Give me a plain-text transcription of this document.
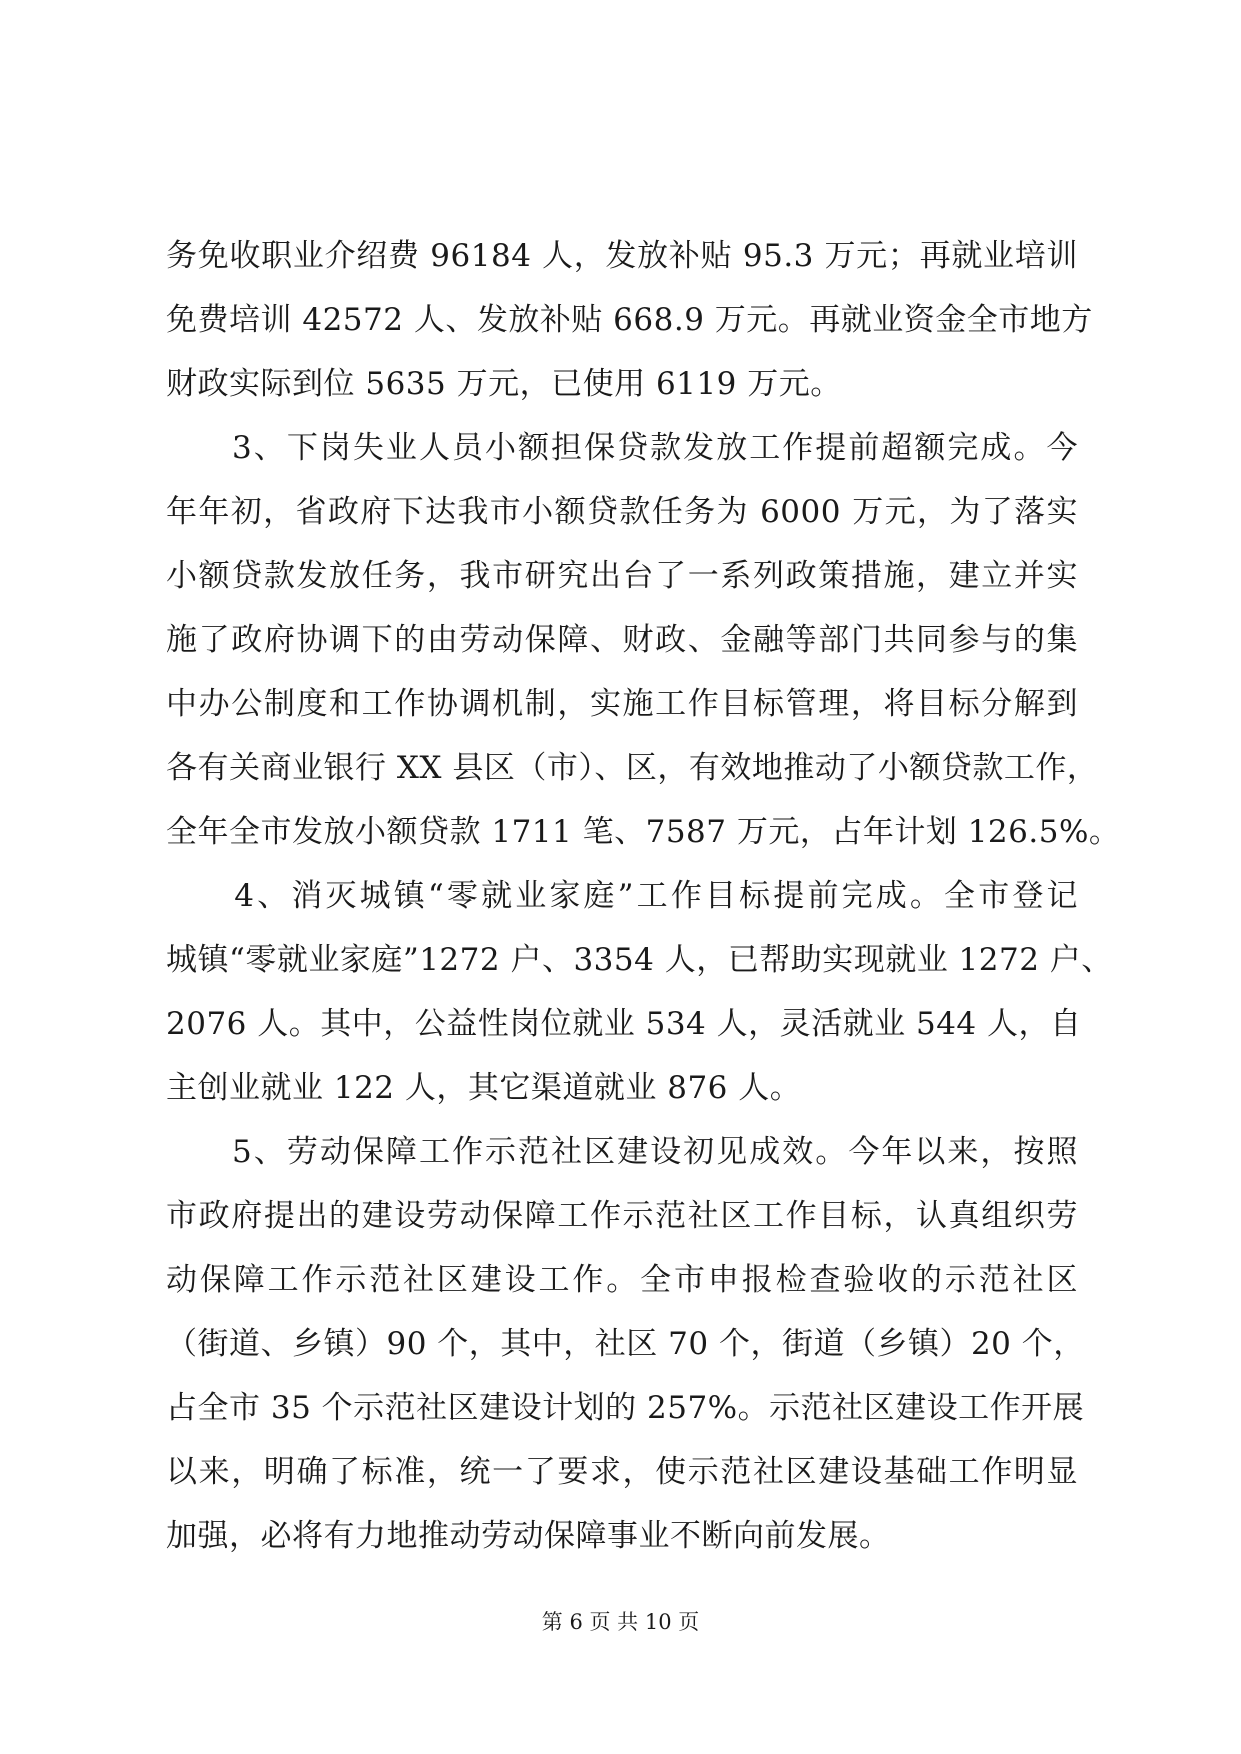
务免收职业介绍费 96184 人，发放补贴 95.3 万元；再就业培训
免费培训 42572 人、发放补贴 668.9 万元。再就业资金全市地方
财政实际到位 5635 万元，已使用 6119 万元。
　　3、下岗失业人员小额担保贷款发放工作提前超额完成。今
年年初，省政府下达我市小额贷款任务为 6000 万元，为了落实
小额贷款发放任务，我市研究出台了一系列政策措施，建立并实
施了政府协调下的由劳动保障、财政、金融等部门共同参与的集
中办公制度和工作协调机制，实施工作目标管理，将目标分解到
各有关商业银行 XX 县区（市）、区，有效地推动了小额贷款工作，
全年全市发放小额贷款 1711 笔、7587 万元，占年计划 126.5%。
　　4、消灭城镇“零就业家庭”工作目标提前完成。全市登记
城镇“零就业家庭”1272 户、3354 人，已帮助实现就业 1272 户、
2076 人。其中，公益性岗位就业 534 人，灵活就业 544 人，自
主创业就业 122 人，其它渠道就业 876 人。
　　5、劳动保障工作示范社区建设初见成效。今年以来，按照
市政府提出的建设劳动保障工作示范社区工作目标，认真组织劳
动保障工作示范社区建设工作。全市申报检查验收的示范社区
（街道、乡镇）90 个，其中，社区 70 个，街道（乡镇）20 个，
占全市 35 个示范社区建设计划的 257%。示范社区建设工作开展
以来，明确了标准，统一了要求，使示范社区建设基础工作明显
加强，必将有力地推动劳动保障事业不断向前发展。
第 6 页 共 10 页
